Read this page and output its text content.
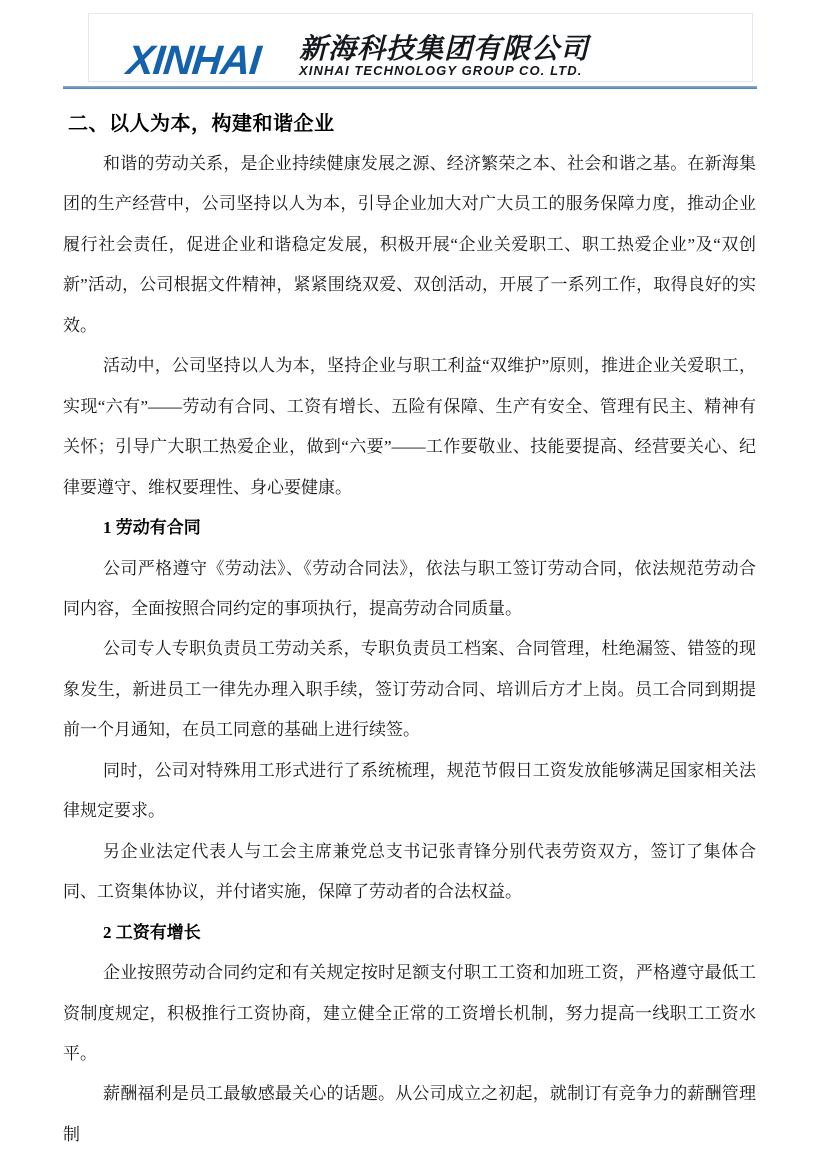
XINHAI 新海科技集团有限公司
XINHAI TECHNOLOGY GROUP CO. LTD.
二、以人为本，构建和谐企业

和谐的劳动关系，是企业持续健康发展之源、经济繁荣之本、社会和谐之基。在新海集团的生产经营中，公司坚持以人为本，引导企业加大对广大员工的服务保障力度，推动企业履行社会责任，促进企业和谐稳定发展，积极开展“企业关爱职工、职工热爱企业”及“双创新”活动，公司根据文件精神，紧紧围绕双爱、双创活动，开展了一系列工作，取得良好的实效。

活动中，公司坚持以人为本，坚持企业与职工利益“双维护”原则，推进企业关爱职工，实现“六有”——劳动有合同、工资有增长、五险有保障、生产有安全、管理有民主、精神有关怀；引导广大职工热爱企业，做到“六要”——工作要敬业、技能要提高、经营要关心、纪律要遵守、维权要理性、身心要健康。

1 劳动有合同

公司严格遵守《劳动法》、《劳动合同法》，依法与职工签订劳动合同，依法规范劳动合同内容，全面按照合同约定的事项执行，提高劳动合同质量。

公司专人专职负责员工劳动关系，专职负责员工档案、合同管理，杜绝漏签、错签的现象发生，新进员工一律先办理入职手续，签订劳动合同、培训后方才上岗。员工合同到期提前一个月通知，在员工同意的基础上进行续签。

同时，公司对特殊用工形式进行了系统梳理，规范节假日工资发放能够满足国家相关法律规定要求。

另企业法定代表人与工会主席兼党总支书记张青锋分别代表劳资双方，签订了集体合同、工资集体协议，并付诸实施，保障了劳动者的合法权益。

2 工资有增长

企业按照劳动合同约定和有关规定按时足额支付职工工资和加班工资，严格遵守最低工资制度规定，积极推行工资协商，建立健全正常的工资增长机制，努力提高一线职工工资水平。

薪酬福利是员工最敏感最关心的话题。从公司成立之初起，就制订有竞争力的薪酬管理制
